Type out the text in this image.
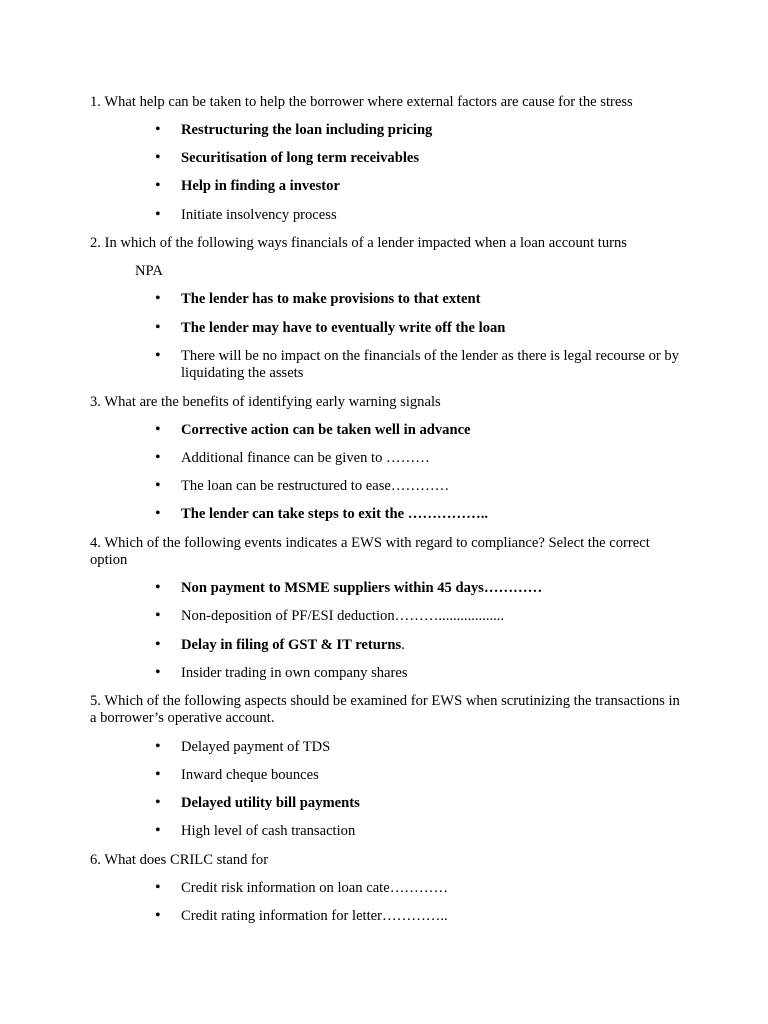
1. What help can be taken to help the borrower where external factors are cause for the stress

• Restructuring the loan including pricing
• Securitisation of long term receivables
• Help in finding a investor
• Initiate insolvency process

2. In which of the following ways financials of a lender impacted when a loan account turns

NPA
• The lender has to make provisions to that extent
• The lender may have to eventually write off the loan
• There will be no impact on the financials of the lender as there is legal recourse or by liquidating the assets

3. What are the benefits of identifying early warning signals

• Corrective action can be taken well in advance
• Additional finance can be given to ………
• The loan can be restructured to ease…………
• The lender can take steps to exit the ……………..

4. Which of the following events indicates a EWS with regard to compliance? Select the correct option

• Non payment to MSME suppliers within 45 days…………
• Non-deposition of PF/ESI deduction………..................
• Delay in filing of GST & IT returns.
• Insider trading in own company shares

5. Which of the following aspects should be examined for EWS when scrutinizing the transactions in a borrower’s operative account.

• Delayed payment of TDS
• Inward cheque bounces
• Delayed utility bill payments
• High level of cash transaction

6. What does CRILC stand for

• Credit risk information on loan cate…………
• Credit rating information for letter…………..
